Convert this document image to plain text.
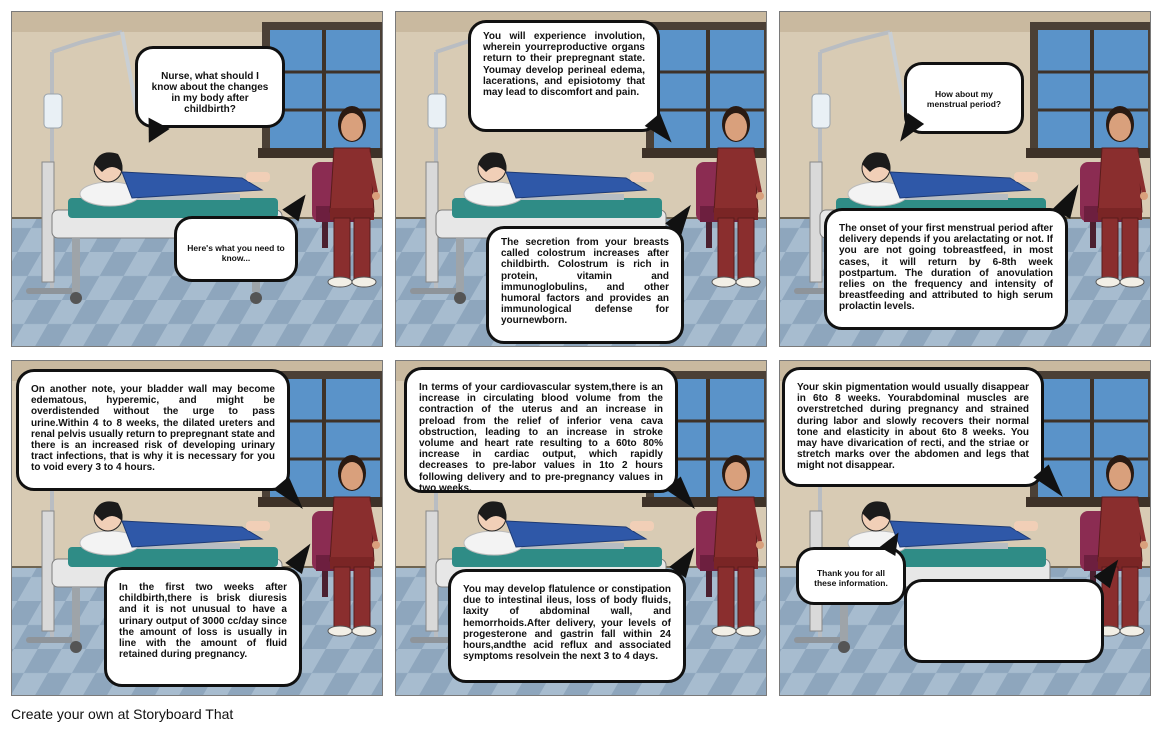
Nurse, what should I know about the changes in my body after childbirth?
Here's what you need to know...
You will experience involution, wherein yourreproductive organs return to their prepregnant state. Youmay develop perineal edema, lacerations, and episiotomy that may lead to discomfort and pain.
The secretion from your breasts called colostrum increases after childbirth. Colostrum is rich in protein, vitamin and immunoglobulins, and other humoral factors and provides an immunological defense for yournewborn.
How about my menstrual period?
The onset of your first menstrual period after delivery depends if you arelactating or not. If you are not going tobreastfeed, in most cases, it will return by 6-8th week postpartum. The duration of anovulation relies on the frequency and intensity of breastfeeding and attributed to high serum prolactin levels.
On another note, your bladder wall may become edematous, hyperemic, and might be overdistended without the urge to pass urine.Within 4 to 8 weeks, the dilated ureters and renal pelvis usually return to prepregnant state and there is an increased risk of developing urinary tract infections, that is why it is necessary for you to void every 3 to 4 hours.
In the first two weeks after childbirth,there is brisk diuresis and it is not unusual to have a urinary output of 3000 cc/day since the amount of loss is usually in line with the amount of fluid retained during pregnancy.
In terms of your cardiovascular system,there is an increase in circulating blood volume from the contraction of the uterus and an increase in preload from the relief of inferior vena cava obstruction, leading to an increase in stroke volume and heart rate resulting to a 60to 80% increase in cardiac output, which rapidly decreases to pre-labor values in 1to 2 hours following delivery and to pre-pregnancy values in two weeks.
You may develop flatulence or constipation due to intestinal ileus, loss of body fluids, laxity of abdominal wall, and hemorrhoids.After delivery, your levels of progesterone and gastrin fall within 24 hours,andthe acid reflux and associated symptoms resolvein the next 3 to 4 days.
Your skin pigmentation would usually disappear in 6to 8 weeks. Yourabdominal muscles are overstretched during pregnancy and strained during labor and slowly recovers their normal tone and elasticity in about 6to 8 weeks. You may have divarication of recti, and the striae or stretch marks over the abdomen and legs that might not disappear.
Thank you for all these information.
Create your own at Storyboard That
